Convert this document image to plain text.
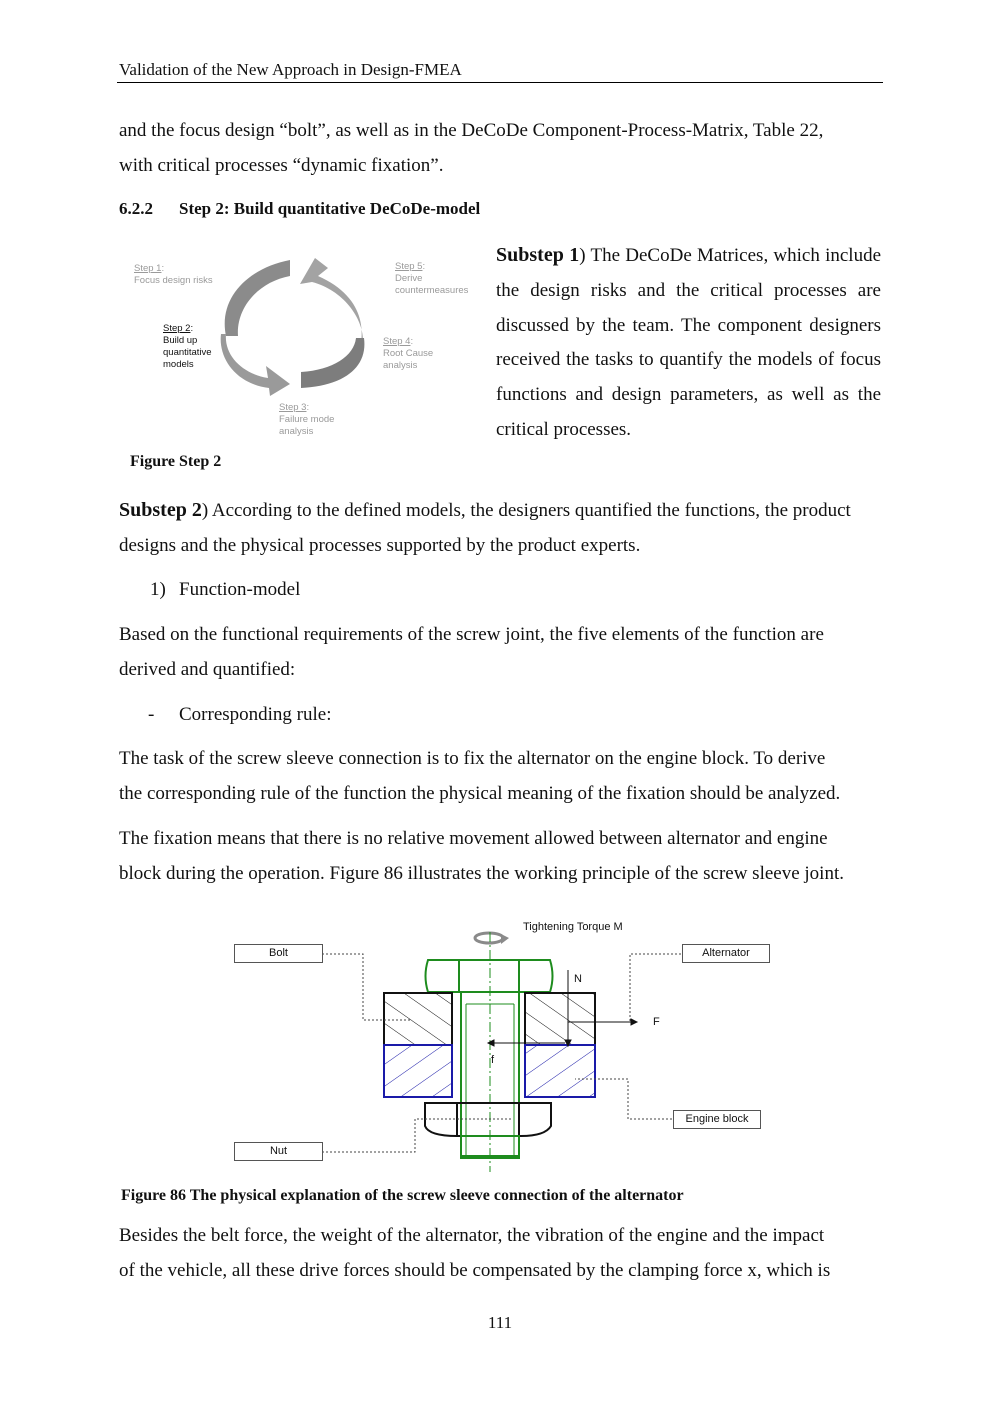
Validation of the New Approach in Design-FMEA
and the focus design “bolt”, as well as in the DeCoDe Component-Process-Matrix, Table 22,
with critical processes “dynamic fixation”.
6.2.2 Step 2: Build quantitative DeCoDe-model
Step 1:
Focus design risks
Step 2:
Build up
quantitative
models
Step 3:
Failure mode
analysis
Step 4:
Root Cause
analysis
Step 5:
Derive
countermeasures
Figure Step 2
Substep 1) The DeCoDe Matrices, which include the design risks and the critical processes are discussed by the team. The component designers received the tasks to quantify the models of focus functions and design parameters, as well as the critical processes.
Substep 2) According to the defined models, the designers quantified the functions, the product
designs and the physical processes supported by the product experts.
1) Function-model
Based on the functional requirements of the screw joint, the five elements of the function are
derived and quantified:
- Corresponding rule:
The task of the screw sleeve connection is to fix the alternator on the engine block. To derive
the corresponding rule of the function the physical meaning of the fixation should be analyzed.
The fixation means that there is no relative movement allowed between alternator and engine
block during the operation. Figure 86 illustrates the working principle of the screw sleeve joint.
Tightening Torque M
Bolt	Alternator
Engine block
Nut
N
F
f
Figure 86 The physical explanation of the screw sleeve connection of the alternator
Besides the belt force, the weight of the alternator, the vibration of the engine and the impact
of the vehicle, all these drive forces should be compensated by the clamping force x, which is
111
